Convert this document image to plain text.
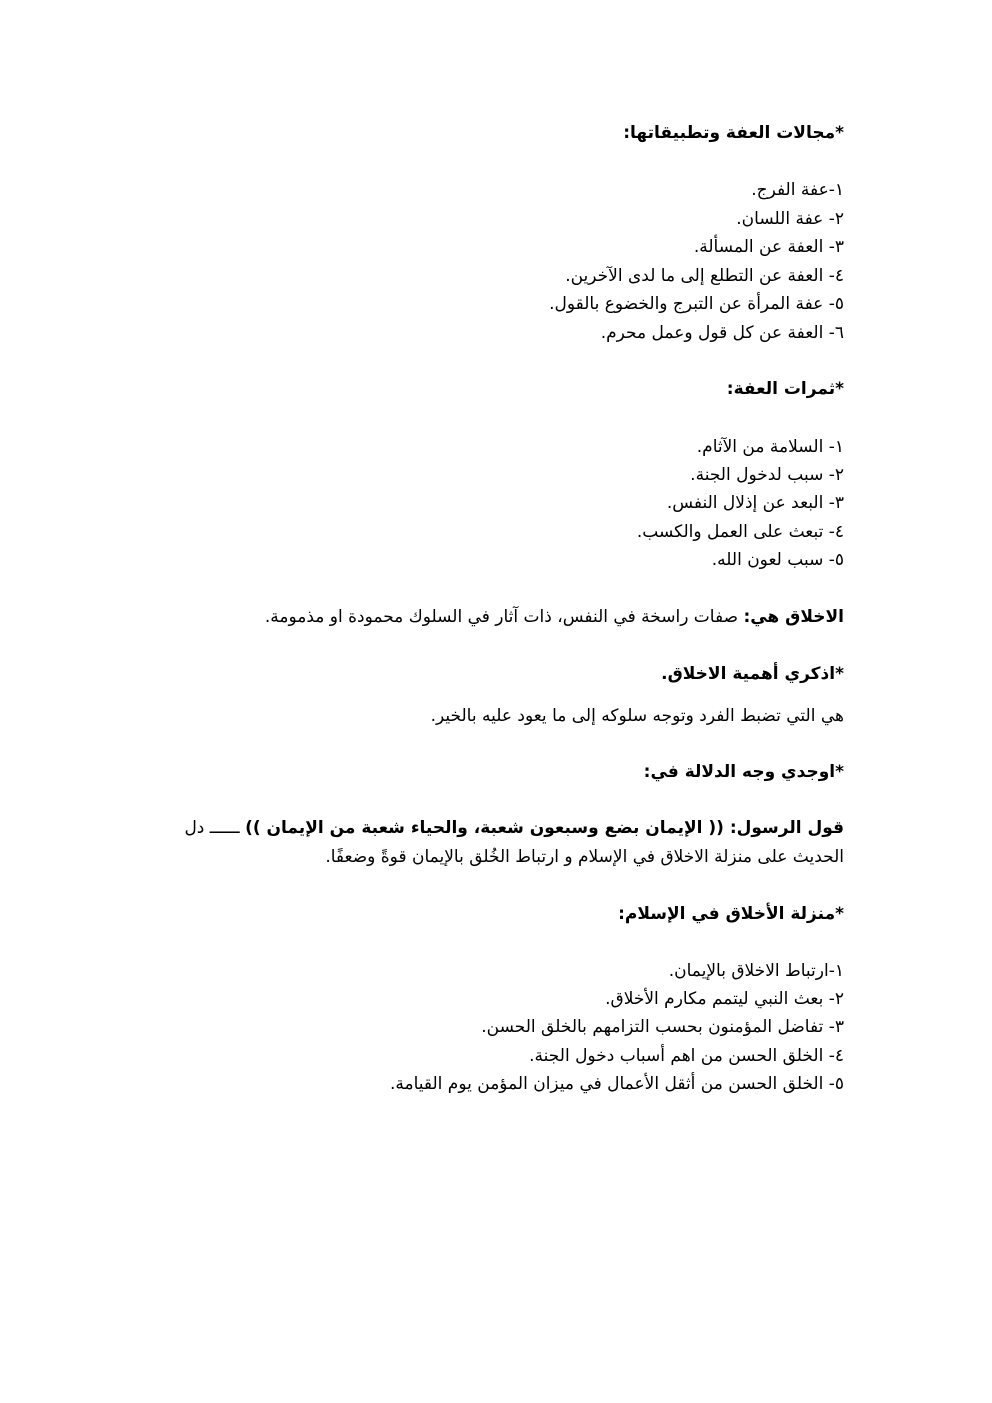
*مجالات العفة وتطبيقاتها:
١-عفة الفرج.
٢- عفة اللسان.
٣- العفة عن المسألة.
٤- العفة عن التطلع إلى ما لدى الآخرين.
٥- عفة المرأة عن التبرج والخضوع بالقول.
٦- العفة عن كل قول وعمل محرم.
*ثمرات العفة:
١- السلامة من الآثام.
٢- سبب لدخول الجنة.
٣- البعد عن إذلال النفس.
٤- تبعث على العمل والكسب.
٥- سبب لعون الله.
الاخلاق هي: صفات راسخة في النفس، ذات آثار في السلوك محمودة او مذمومة.
*اذكري أهمية الاخلاق.
هي التي تضبط الفرد وتوجه سلوكه إلى ما يعود عليه بالخير.
*اوجدي وجه الدلالة في:
قول الرسول: (( الإيمان بضع وسبعون شعبة، والحياء شعبة من الإيمان )) ــــــ دل
الحديث على منزلة الاخلاق في الإسلام و ارتباط الخُلق بالإيمان قوةً وضعفًا.
*منزلة الأخلاق في الإسلام:
١-ارتباط الاخلاق بالإيمان.
٢- بعث النبي ليتمم مكارم الأخلاق.
٣- تفاضل المؤمنون بحسب التزامهم بالخلق الحسن.
٤- الخلق الحسن من اهم أسباب دخول الجنة.
٥- الخلق الحسن من أثقل الأعمال في ميزان المؤمن يوم القيامة.
